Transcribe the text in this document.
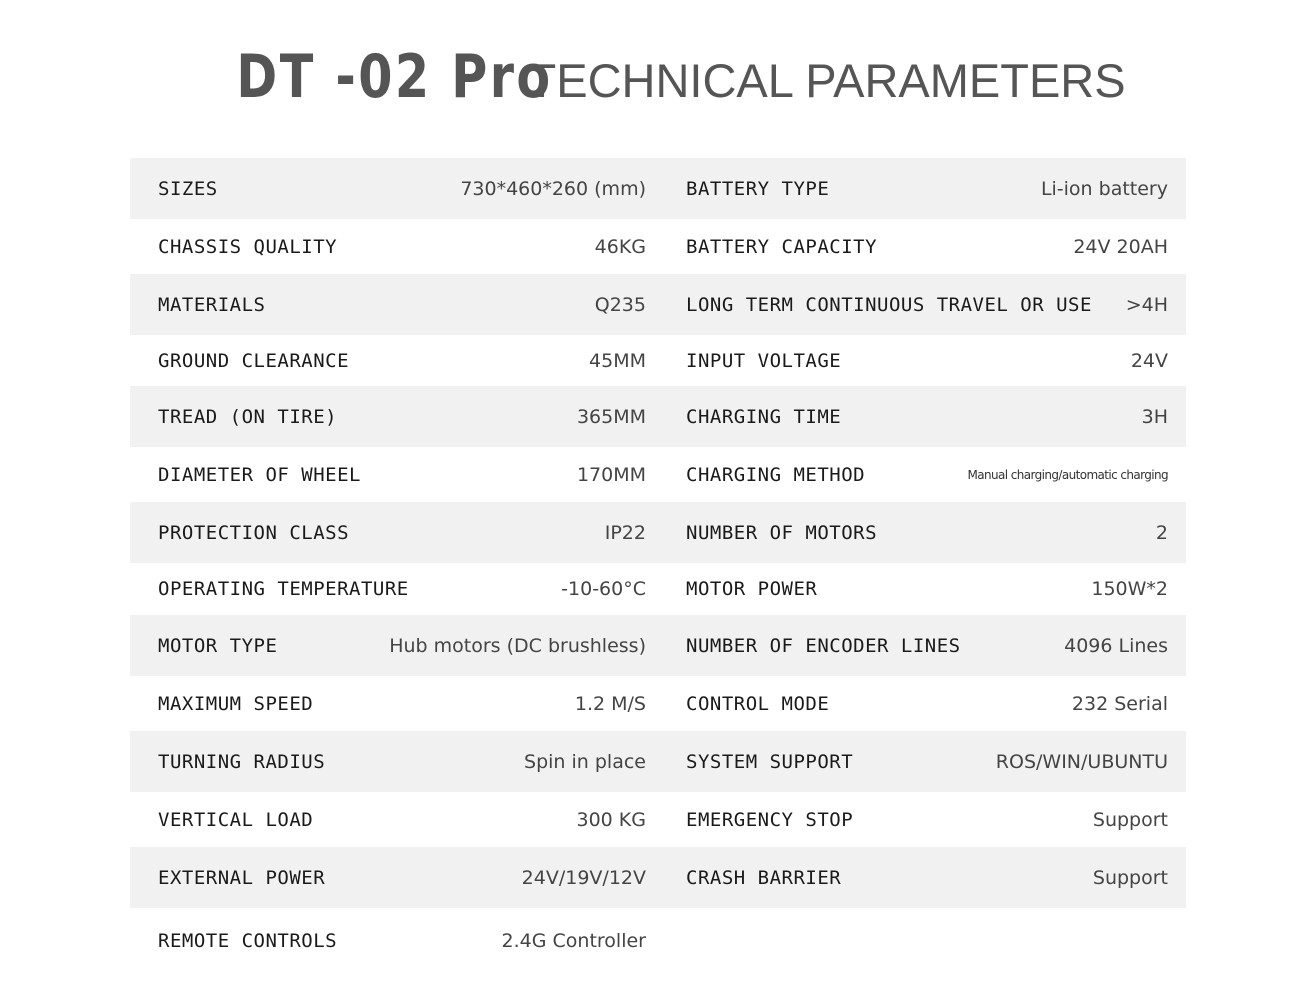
DT -02 Pro TECHNICAL PARAMETERS
SIZES	730*460*260 (mm) BATTERY TYPE	Li-ion battery
CHASSIS QUALITY	46KG BATTERY CAPACITY	24V 20AH
MATERIALS	Q235 LONG TERM CONTINUOUS TRAVEL OR USE >4H
GROUND CLEARANCE	45MM INPUT VOLTAGE	24V
TREAD (ON TIRE)	365MM CHARGING TIME	3H
DIAMETER OF WHEEL	170MM CHARGING METHOD	Manual charging/automatic charging
PROTECTION CLASS	IP22 NUMBER OF MOTORS	2
OPERATING TEMPERATURE	-10-60°C MOTOR POWER	150W*2
MOTOR TYPE	Hub motors (DC brushless) NUMBER OF ENCODER LINES	4096 Lines
MAXIMUM SPEED	1.2 M/S CONTROL MODE	232 Serial
TURNING RADIUS	Spin in place SYSTEM SUPPORT	ROS/WIN/UBUNTU
VERTICAL LOAD	300 KG EMERGENCY STOP	Support
EXTERNAL POWER	24V/19V/12V CRASH BARRIER	Support
REMOTE CONTROLS	2.4G Controller
